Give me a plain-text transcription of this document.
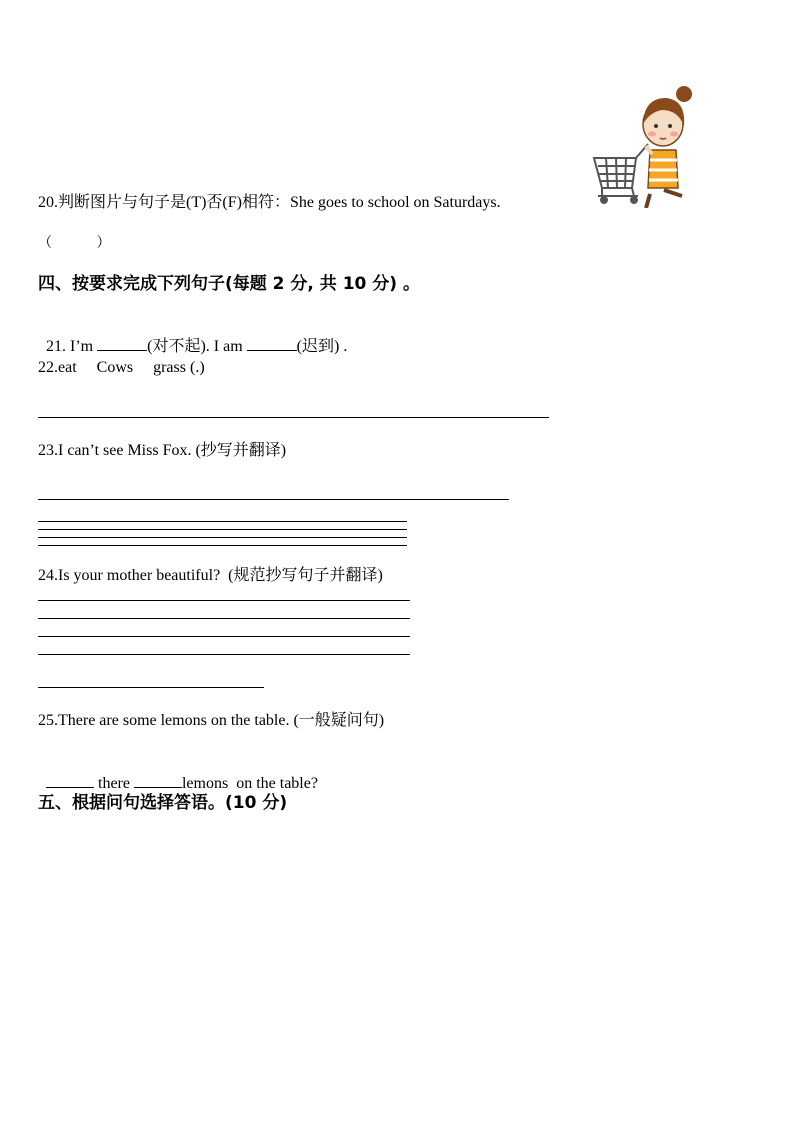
20.判断图片与句子是(T)否(F)相符：She goes to school on Saturdays.
（          ）
四、按要求完成下列句子(每题 2 分, 共 10 分) 。

21. I’m	(对不起). I am	(迟到) .

22.eat     Cows     grass (.)
23.I can’t see Miss Fox. (抄写并翻译)
24.Is your mother beautiful?  (规范抄写句子并翻译)
25.There are some lemons on the table. (一般疑问句)

there	lemons  on the table?

五、根据问句选择答语。(10 分)
